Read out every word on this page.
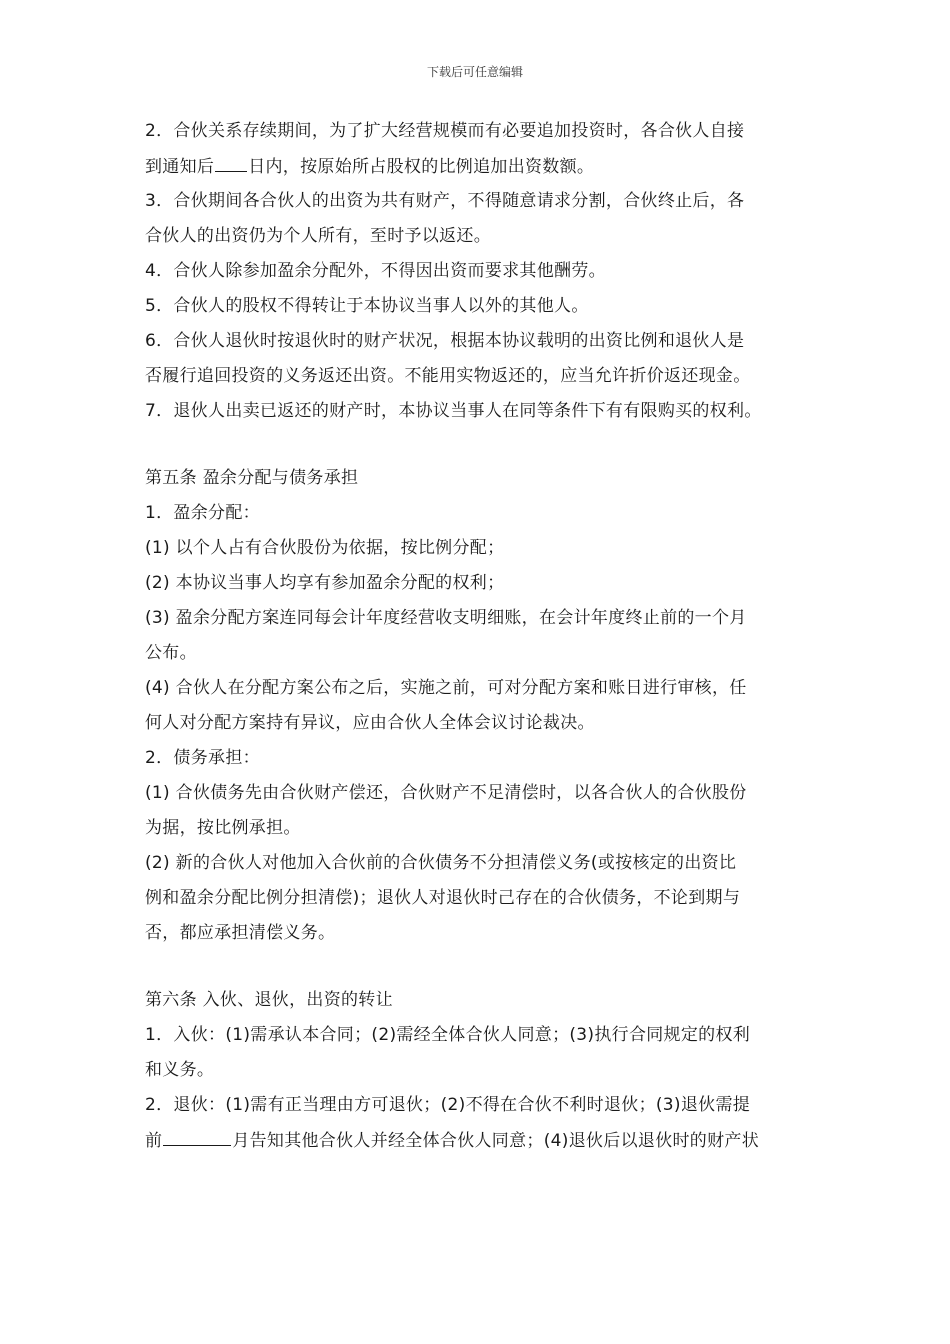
下载后可任意编辑

2．合伙关系存续期间，为了扩大经营规模而有必要追加投资时，各合伙人自接

到通知后 日内，按原始所占股权的比例追加出资数额。

3．合伙期间各合伙人的出资为共有财产，不得随意请求分割，合伙终止后，各

合伙人的出资仍为个人所有，至时予以返还。

4．合伙人除参加盈余分配外，不得因出资而要求其他酬劳。

5．合伙人的股权不得转让于本协议当事人以外的其他人。

6．合伙人退伙时按退伙时的财产状况，根据本协议载明的出资比例和退伙人是

否履行追回投资的义务返还出资。不能用实物返还的，应当允许折价返还现金。

7．退伙人出卖已返还的财产时，本协议当事人在同等条件下有有限购买的权利。

第五条 盈余分配与债务承担

1．盈余分配：

(1) 以个人占有合伙股份为依据，按比例分配；

(2) 本协议当事人均享有参加盈余分配的权利；

(3) 盈余分配方案连同每会计年度经营收支明细账，在会计年度终止前的一个月

公布。

(4) 合伙人在分配方案公布之后，实施之前，可对分配方案和账日进行审核，任

何人对分配方案持有异议，应由合伙人全体会议讨论裁决。

2．债务承担：

(1) 合伙债务先由合伙财产偿还，合伙财产不足清偿时，以各合伙人的合伙股份

为据，按比例承担。

(2) 新的合伙人对他加入合伙前的合伙债务不分担清偿义务(或按核定的出资比

例和盈余分配比例分担清偿)；退伙人对退伙时己存在的合伙债务，不论到期与

否，都应承担清偿义务。

第六条 入伙、退伙，出资的转让

1．入伙：(1)需承认本合同；(2)需经全体合伙人同意；(3)执行合同规定的权利

和义务。

2．退伙：(1)需有正当理由方可退伙；(2)不得在合伙不利时退伙；(3)退伙需提

前	月告知其他合伙人并经全体合伙人同意；(4)退伙后以退伙时的财产状
